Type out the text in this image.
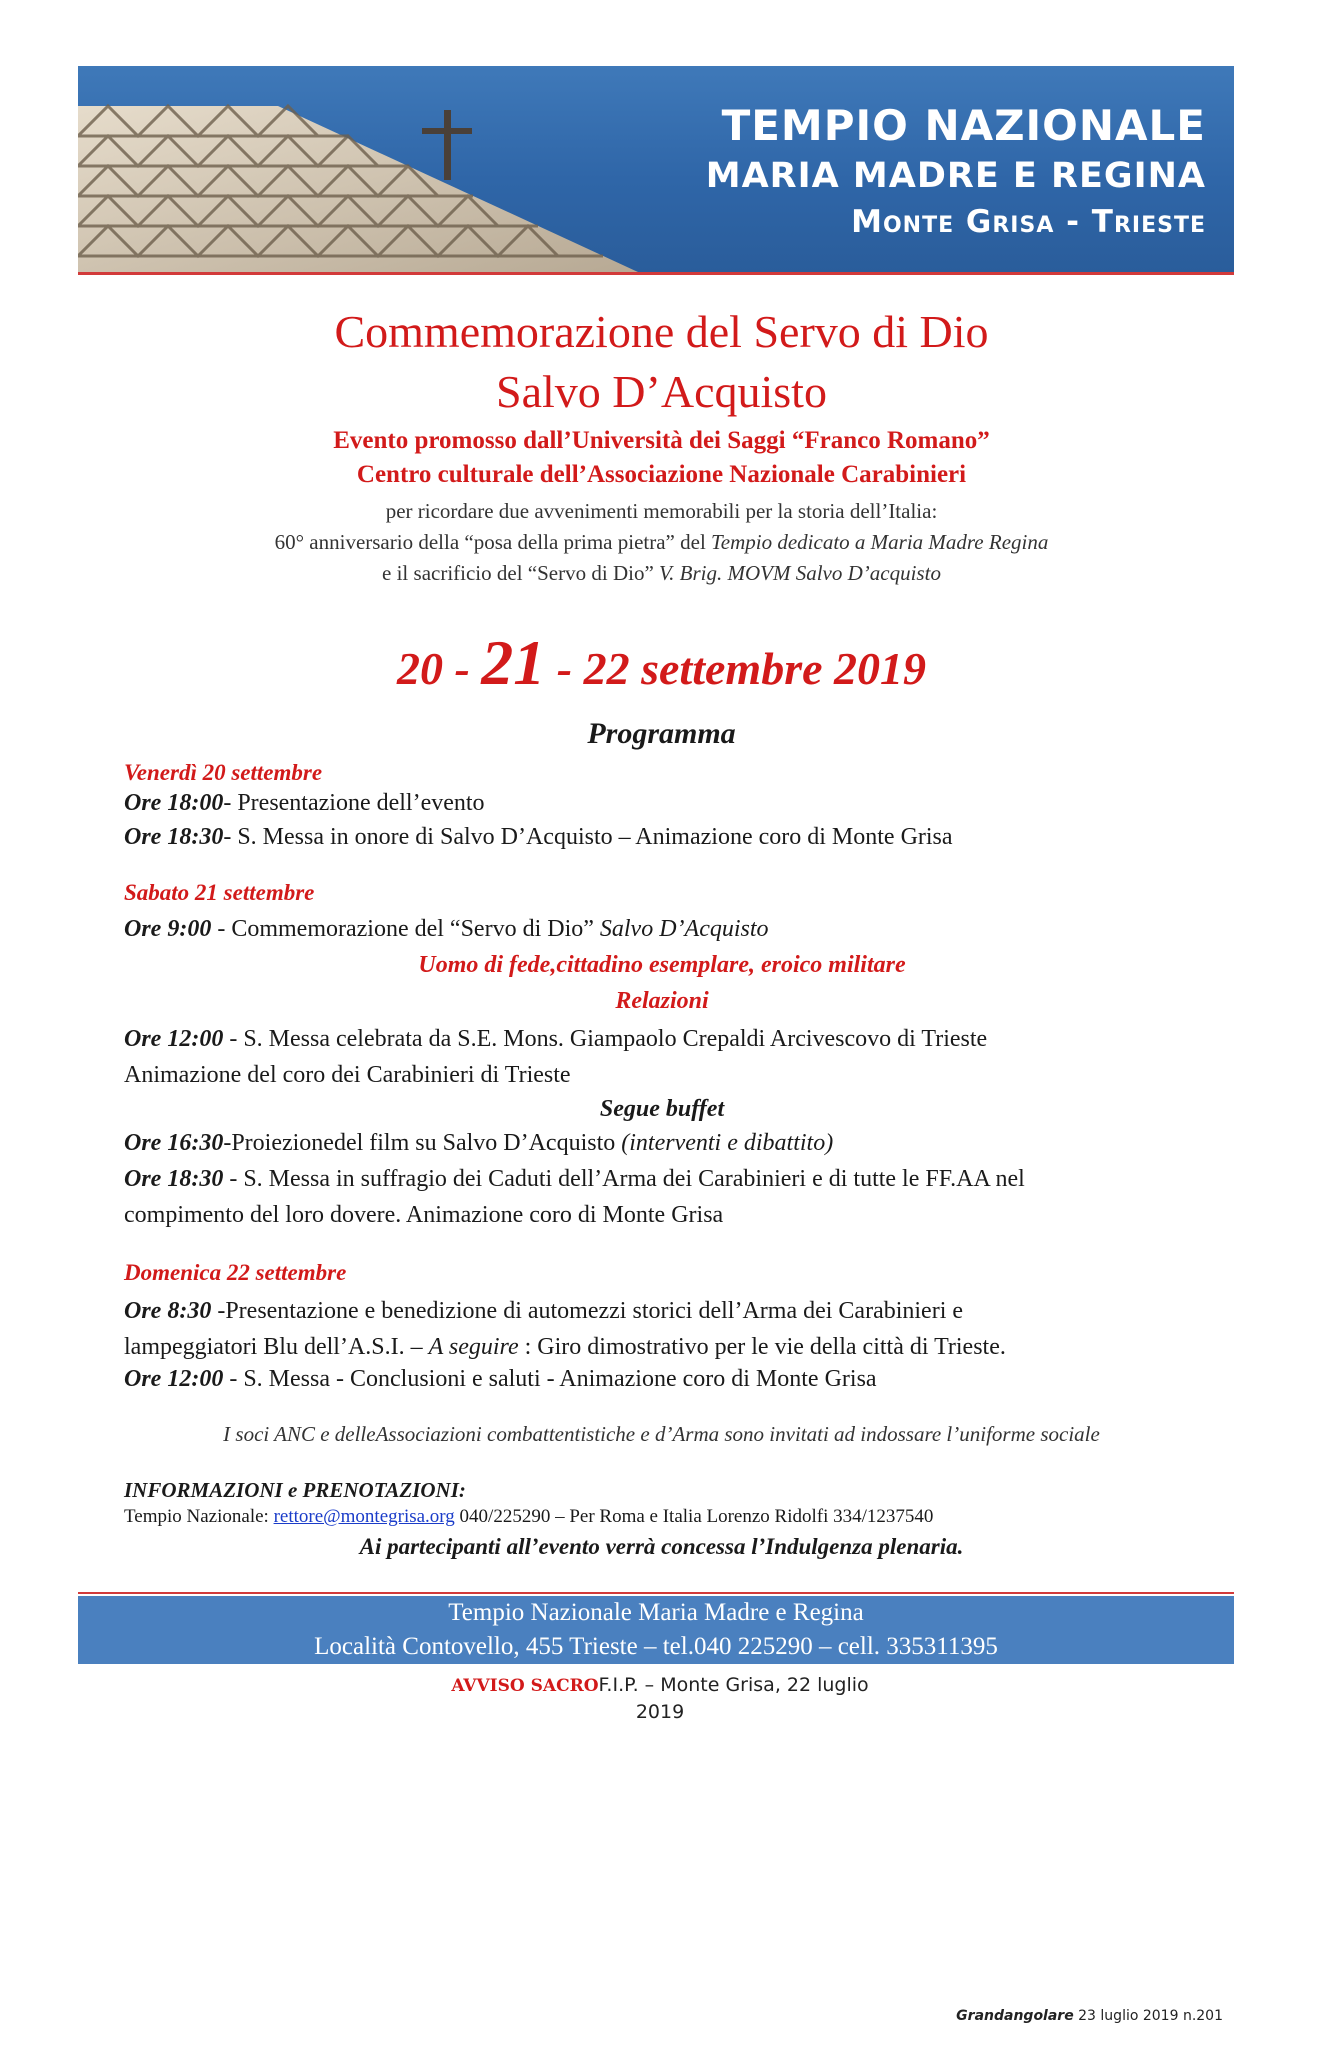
TEMPIO NAZIONALE
MARIA MADRE E REGINA
Monte Grisa - Trieste
Commemorazione del Servo di Dio
Salvo D’Acquisto
Evento promosso dall’Università dei Saggi “Franco Romano”
Centro culturale dell’Associazione Nazionale Carabinieri
per ricordare due avvenimenti memorabili per la storia dell’Italia:
60° anniversario della “posa della prima pietra” del Tempio dedicato a Maria Madre Regina
e il sacrificio del “Servo di Dio” V. Brig. MOVM Salvo D’acquisto
20 - 21 - 22 settembre 2019
Programma
Venerdì 20 settembre
Ore 18:00- Presentazione dell’evento
Ore 18:30- S. Messa in onore di Salvo D’Acquisto – Animazione coro di Monte Grisa
Sabato 21 settembre
Ore 9:00 - Commemorazione del “Servo di Dio” Salvo D’Acquisto
Uomo di fede,cittadino esemplare, eroico militare
Relazioni
Ore 12:00 - S. Messa celebrata da S.E. Mons. Giampaolo Crepaldi Arcivescovo di Trieste
Animazione del coro dei Carabinieri di Trieste
Segue buffet
Ore 16:30-Proiezionedel film su Salvo D’Acquisto (interventi e dibattito)
Ore 18:30 - S. Messa in suffragio dei Caduti dell’Arma dei Carabinieri e di tutte le FF.AA nel
compimento del loro dovere. Animazione coro di Monte Grisa
Domenica 22 settembre
Ore 8:30 -Presentazione e benedizione di automezzi storici dell’Arma dei Carabinieri e
lampeggiatori Blu dell’A.S.I. – A seguire : Giro dimostrativo per le vie della città di Trieste.
Ore 12:00 - S. Messa - Conclusioni e saluti - Animazione coro di Monte Grisa
I soci ANC e delleAssociazioni combattentistiche e d’Arma sono invitati ad indossare l’uniforme sociale
INFORMAZIONI e PRENOTAZIONI:
Tempio Nazionale: rettore@montegrisa.org 040/225290 – Per Roma e Italia Lorenzo Ridolfi 334/1237540
Ai partecipanti all’evento verrà concessa l’Indulgenza plenaria.
Tempio Nazionale Maria Madre e Regina
Località Contovello, 455 Trieste – tel.040 225290 – cell. 335311395
AVVISO SACROF.I.P. – Monte Grisa, 22 luglio
2019
Grandangolare 23 luglio 2019 n.201
